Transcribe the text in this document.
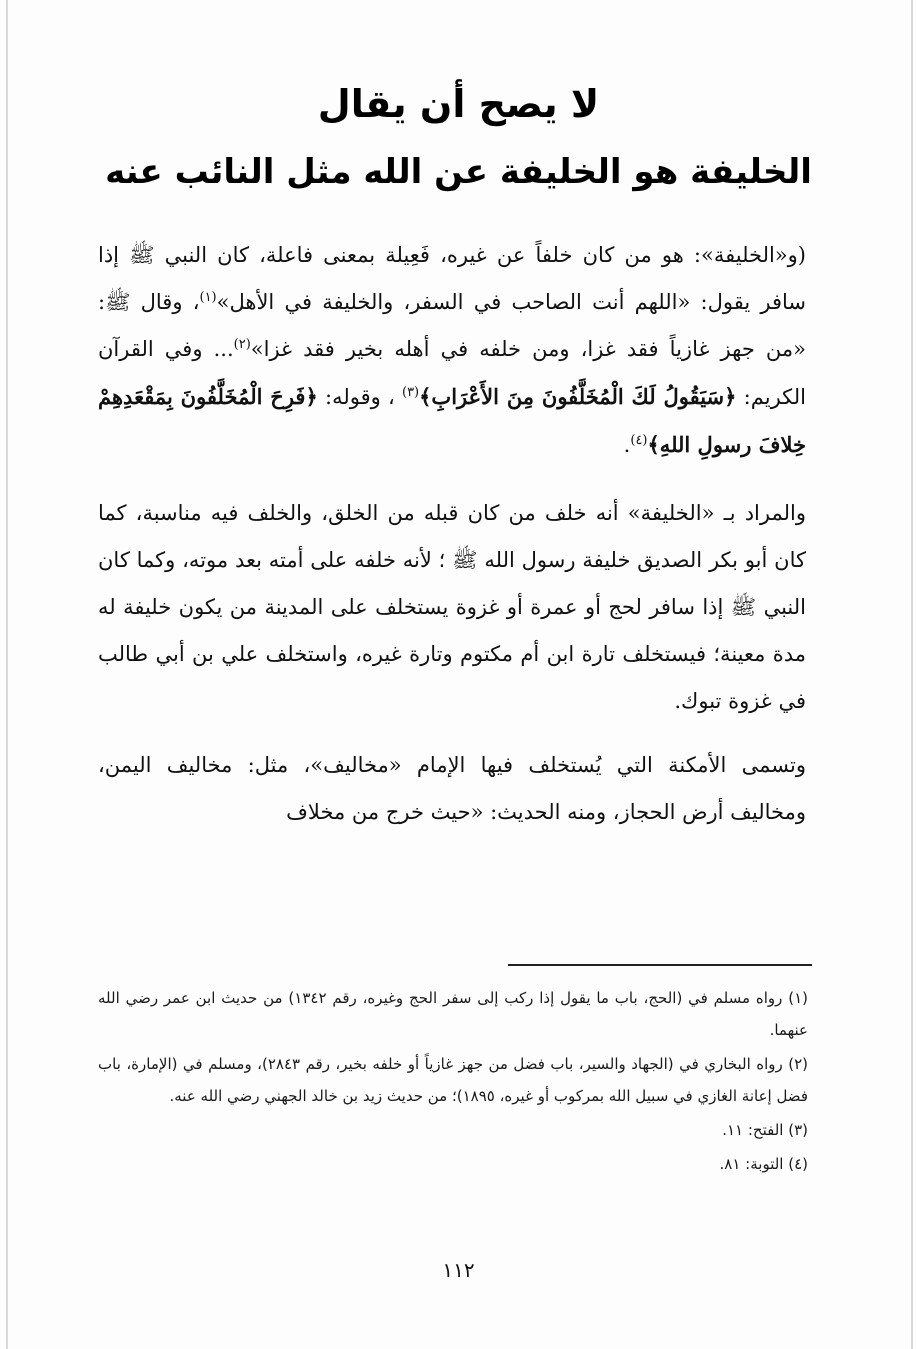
لا يصح أن يقال
الخليفة هو الخليفة عن الله مثل النائب عنه
(و«الخليفة»: هو من كان خلفاً عن غيره، فَعِيلة بمعنى فاعلة، كان النبي ﷺ إذا سافر يقول: «اللهم أنت الصاحب في السفر، والخليفة في الأهل»$^{(١)}$، وقال ﷺ: «من جهز غازياً فقد غزا، ومن خلفه في أهله بخير فقد غزا»$^{(٢)}$... وفي القرآن الكريم: ﴿سَيَقُولُ لَكَ الْمُخَلَّفُونَ مِنَ الأَعْرَابِ﴾$^{(٣)}$ ، وقوله: ﴿فَرِحَ الْمُخَلَّفُونَ بِمَقْعَدِهِمْ خِلافَ رسولِ اللهِ﴾$^{(٤)}$.
والمراد بـ «الخليفة» أنه خلف من كان قبله من الخلق، والخلف فيه مناسبة، كما كان أبو بكر الصديق خليفة رسول الله ﷺ ؛ لأنه خلفه على أمته بعد موته، وكما كان النبي ﷺ إذا سافر لحج أو عمرة أو غزوة يستخلف على المدينة من يكون خليفة له مدة معينة؛ فيستخلف تارة ابن أم مكتوم وتارة غيره، واستخلف علي بن أبي طالب في غزوة تبوك.
وتسمى الأمكنة التي يُستخلف فيها الإمام «مخاليف»، مثل: مخاليف اليمن، ومخاليف أرض الحجاز، ومنه الحديث: «حيث خرج من مخلاف

(١) رواه مسلم في (الحج، باب ما يقول إذا ركب إلى سفر الحج وغيره، رقم ١٣٤٢) من حديث ابن عمر رضي الله عنهما.

(٢) رواه البخاري في (الجهاد والسير، باب فضل من جهز غازياً أو خلفه بخير، رقم ٢٨٤٣)، ومسلم في (الإمارة، باب فضل إعانة الغازي في سبيل الله بمركوب أو غيره، ١٨٩٥)؛ من حديث زيد بن خالد الجهني رضي الله عنه.

(٣) الفتح: ١١.

(٤) التوبة: ٨١.

١١٢
